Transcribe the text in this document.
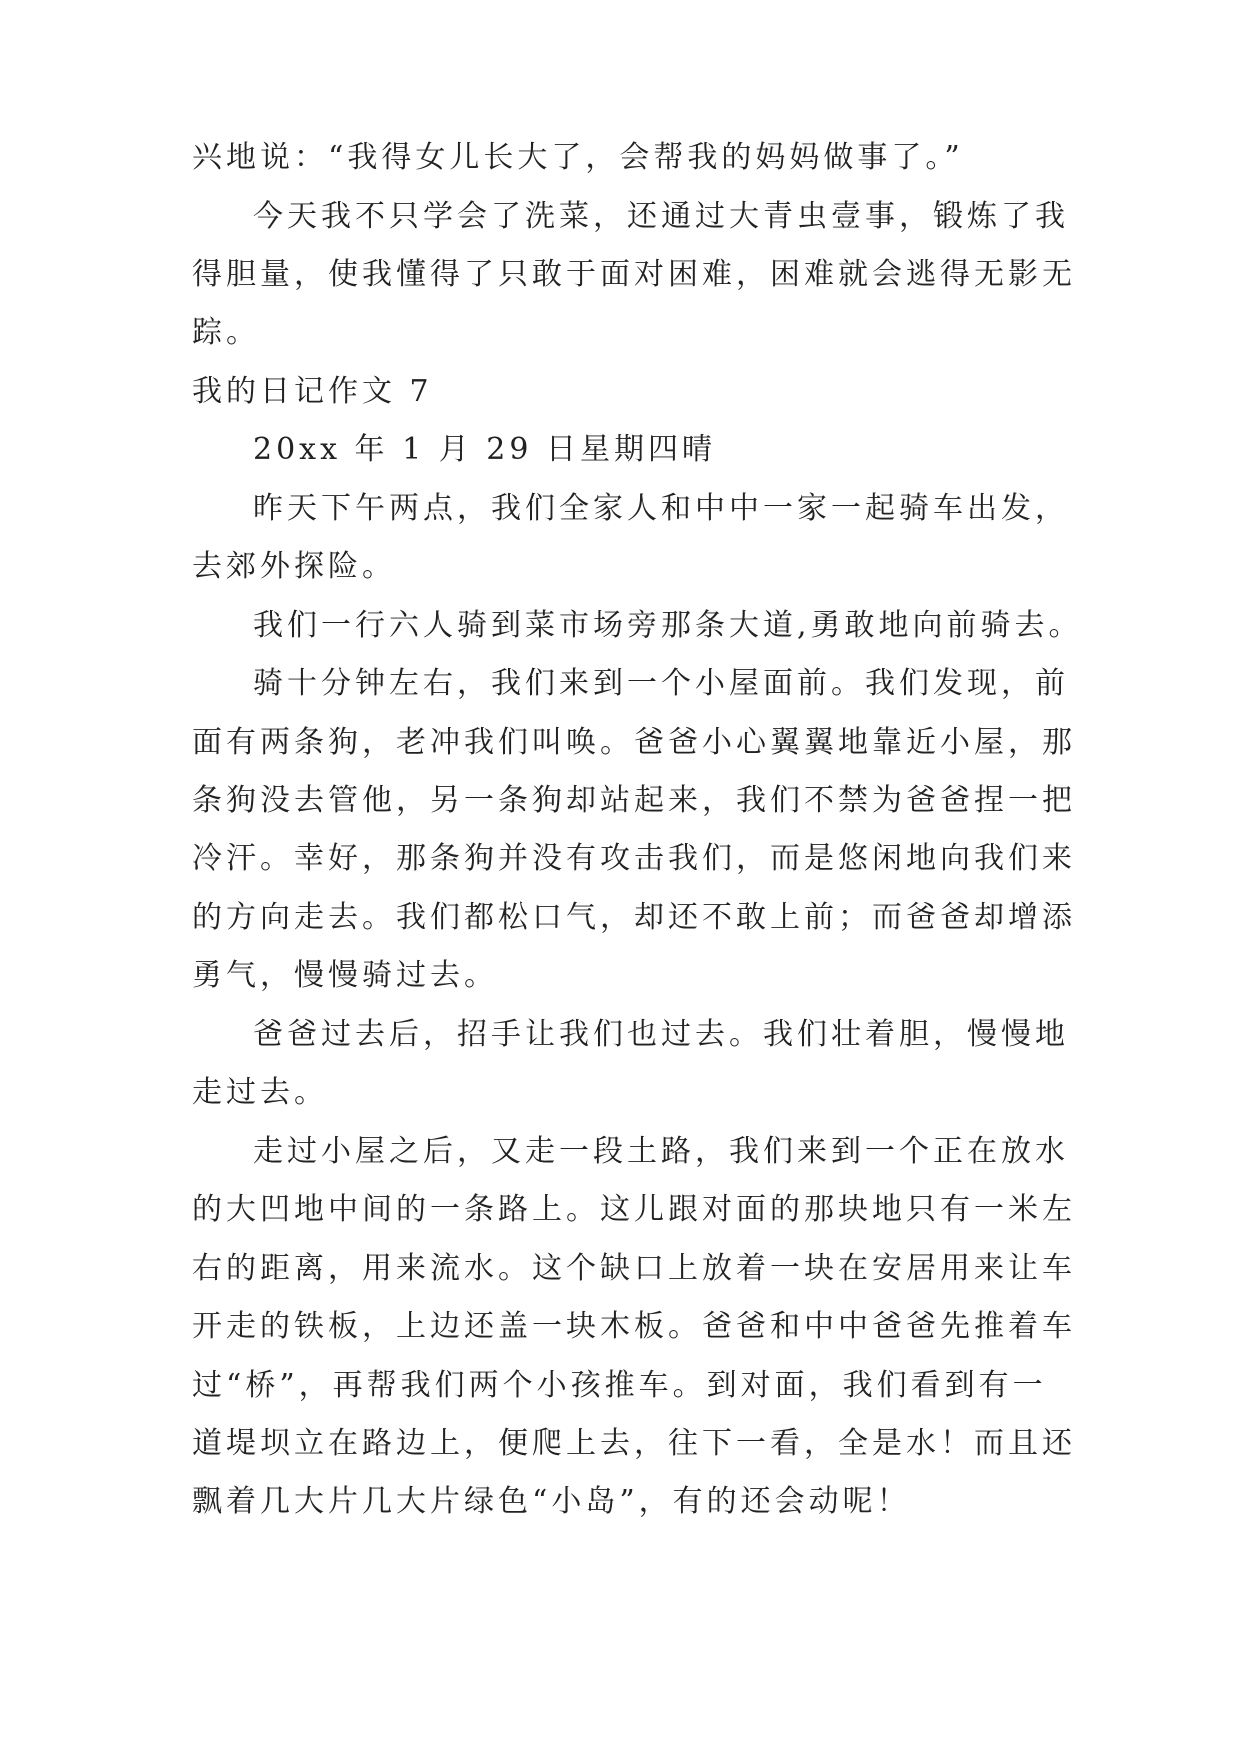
兴地说：“我得女儿长大了，会帮我的妈妈做事了。”
今天我不只学会了洗菜，还通过大青虫壹事，锻炼了我
得胆量，使我懂得了只敢于面对困难，困难就会逃得无影无
踪。
我的日记作文 7
20xx 年 1 月 29 日星期四晴
昨天下午两点，我们全家人和中中一家一起骑车出发，
去郊外探险。
我们一行六人骑到菜市场旁那条大道,勇敢地向前骑去。
骑十分钟左右，我们来到一个小屋面前。我们发现，前
面有两条狗，老冲我们叫唤。爸爸小心翼翼地靠近小屋，那
条狗没去管他，另一条狗却站起来，我们不禁为爸爸捏一把
冷汗。幸好，那条狗并没有攻击我们，而是悠闲地向我们来
的方向走去。我们都松口气，却还不敢上前；而爸爸却增添
勇气，慢慢骑过去。
爸爸过去后，招手让我们也过去。我们壮着胆，慢慢地
走过去。
走过小屋之后，又走一段土路，我们来到一个正在放水
的大凹地中间的一条路上。这儿跟对面的那块地只有一米左
右的距离，用来流水。这个缺口上放着一块在安居用来让车
开走的铁板，上边还盖一块木板。爸爸和中中爸爸先推着车
过“桥”，再帮我们两个小孩推车。到对面，我们看到有一
道堤坝立在路边上，便爬上去，往下一看，全是水！而且还
飘着几大片几大片绿色“小岛”，有的还会动呢！
